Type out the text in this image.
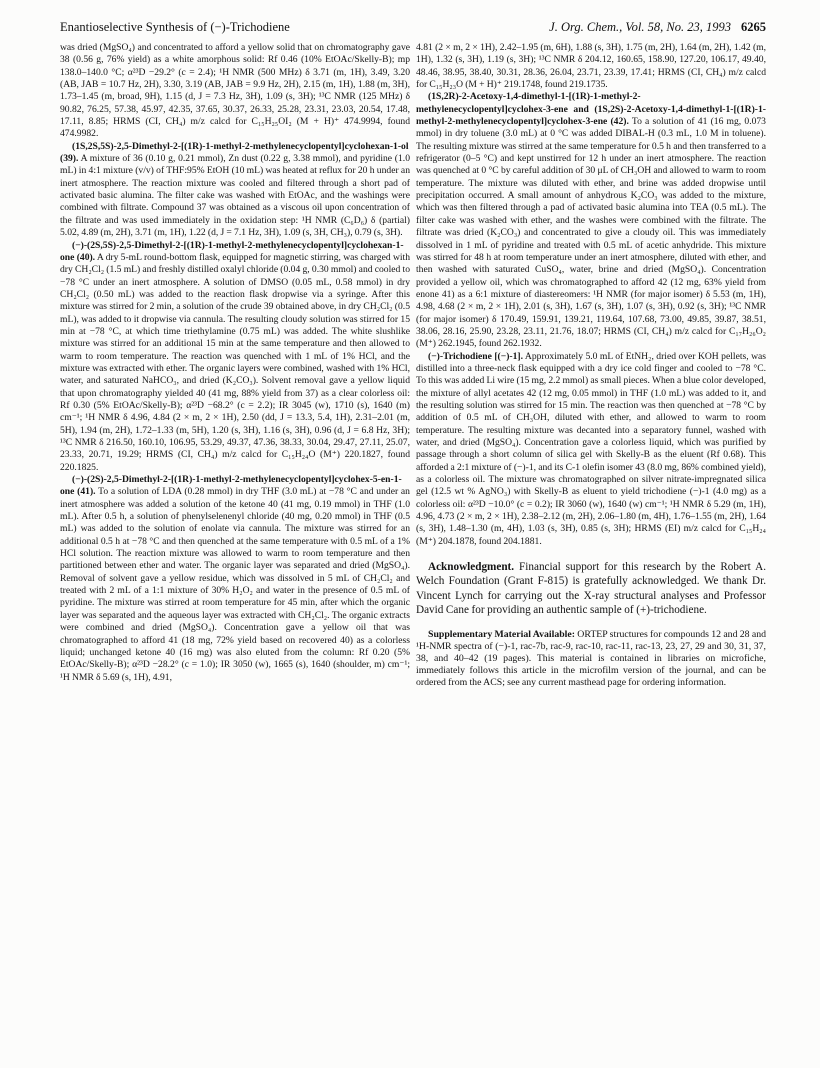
Enantioselective Synthesis of (−)-Trichodiene	J. Org. Chem., Vol. 58, No. 23, 1993 6265

was dried (MgSO₄) and concentrated to afford a yellow solid that on chromatography gave 38 (0.56 g, 76% yield) as a white amorphous solid: Rf 0.46 (10% EtOAc/Skelly-B); mp 138.0–140.0 °C; α²³D −29.2° (c = 2.4); ¹H NMR (500 MHz) δ 3.71 (m, 1H), 3.49, 3.20 (AB, JAB = 10.7 Hz, 2H), 3.30, 3.19 (AB, JAB = 9.9 Hz, 2H), 2.15 (m, 1H), 1.88 (m, 3H), 1.73–1.45 (m, broad, 9H), 1.15 (d, J = 7.3 Hz, 3H), 1.09 (s, 3H); ¹³C NMR (125 MHz) δ 90.82, 76.25, 57.38, 45.97, 42.35, 37.65, 30.37, 26.33, 25.28, 23.31, 23.03, 20.54, 17.48, 17.11, 8.85; HRMS (CI, CH₄) m/z calcd for C₁₅H₂₅OI₂ (M + H)⁺ 474.9994, found 474.9982.

(1S,2S,5S)-2,5-Dimethyl-2-[(1R)-1-methyl-2-methylenecyclopentyl]cyclohexan-1-ol (39). A mixture of 36 (0.10 g, 0.21 mmol), Zn dust (0.22 g, 3.38 mmol), and pyridine (1.0 mL) in 4:1 mixture (v/v) of THF:95% EtOH (10 mL) was heated at reflux for 20 h under an inert atmosphere. The reaction mixture was cooled and filtered through a short pad of activated basic alumina. The filter cake was washed with EtOAc, and the washings were combined with filtrate. Compound 37 was obtained as a viscous oil upon concentration of the filtrate and was used immediately in the oxidation step: ¹H NMR (C₆D₆) δ (partial) 5.02, 4.89 (m, 2H), 3.71 (m, 1H), 1.22 (d, J = 7.1 Hz, 3H), 1.09 (s, 3H, CH₃), 0.79 (s, 3H).

(−)-(2S,5S)-2,5-Dimethyl-2-[(1R)-1-methyl-2-methylenecyclopentyl]cyclohexan-1-one (40). A dry 5-mL round-bottom flask, equipped for magnetic stirring, was charged with dry CH₂Cl₂ (1.5 mL) and freshly distilled oxalyl chloride (0.04 g, 0.30 mmol) and cooled to −78 °C under an inert atmosphere. A solution of DMSO (0.05 mL, 0.58 mmol) in dry CH₂Cl₂ (0.50 mL) was added to the reaction flask dropwise via a syringe. After this mixture was stirred for 2 min, a solution of the crude 39 obtained above, in dry CH₂Cl₂ (0.5 mL), was added to it dropwise via cannula. The resulting cloudy solution was stirred for 15 min at −78 °C, at which time triethylamine (0.75 mL) was added. The white slushlike mixture was stirred for an additional 15 min at the same temperature and then allowed to warm to room temperature. The reaction was quenched with 1 mL of 1% HCl, and the mixture was extracted with ether. The organic layers were combined, washed with 1% HCl, water, and saturated NaHCO₃, and dried (K₂CO₃). Solvent removal gave a yellow liquid that upon chromatography yielded 40 (41 mg, 88% yield from 37) as a clear colorless oil: Rf 0.30 (5% EtOAc/Skelly-B); α²³D −68.2° (c = 2.2); IR 3045 (w), 1710 (s), 1640 (m) cm⁻¹; ¹H NMR δ 4.96, 4.84 (2 × m, 2 × 1H), 2.50 (dd, J = 13.3, 5.4, 1H), 2.31–2.01 (m, 5H), 1.94 (m, 2H), 1.72–1.33 (m, 5H), 1.20 (s, 3H), 1.16 (s, 3H), 0.96 (d, J = 6.8 Hz, 3H); ¹³C NMR δ 216.50, 160.10, 106.95, 53.29, 49.37, 47.36, 38.33, 30.04, 29.47, 27.11, 25.07, 23.33, 20.71, 19.29; HRMS (CI, CH₄) m/z calcd for C₁₅H₂₄O (M⁺) 220.1827, found 220.1825.

(−)-(2S)-2,5-Dimethyl-2-[(1R)-1-methyl-2-methylenecyclopentyl]cyclohex-5-en-1-one (41). To a solution of LDA (0.28 mmol) in dry THF (3.0 mL) at −78 °C and under an inert atmosphere was added a solution of the ketone 40 (41 mg, 0.19 mmol) in THF (1.0 mL). After 0.5 h, a solution of phenylselenenyl chloride (40 mg, 0.20 mmol) in THF (0.5 mL) was added to the solution of enolate via cannula. The mixture was stirred for an additional 0.5 h at −78 °C and then quenched at the same temperature with 0.5 mL of a 1% HCl solution. The reaction mixture was allowed to warm to room temperature and then partitioned between ether and water. The organic layer was separated and dried (MgSO₄). Removal of solvent gave a yellow residue, which was dissolved in 5 mL of CH₂Cl₂ and treated with 2 mL of a 1:1 mixture of 30% H₂O₂ and water in the presence of 0.5 mL of pyridine. The mixture was stirred at room temperature for 45 min, after which the organic layer was separated and the aqueous layer was extracted with CH₂Cl₂. The organic extracts were combined and dried (MgSO₄). Concentration gave a yellow oil that was chromatographed to afford 41 (18 mg, 72% yield based on recovered 40) as a colorless liquid; unchanged ketone 40 (16 mg) was also eluted from the column: Rf 0.20 (5% EtOAc/Skelly-B); α²³D −28.2° (c = 1.0); IR 3050 (w), 1665 (s), 1640 (shoulder, m) cm⁻¹; ¹H NMR δ 5.69 (s, 1H), 4.91,

4.81 (2 × m, 2 × 1H), 2.42–1.95 (m, 6H), 1.88 (s, 3H), 1.75 (m, 2H), 1.64 (m, 2H), 1.42 (m, 1H), 1.32 (s, 3H), 1.19 (s, 3H); ¹³C NMR δ 204.12, 160.65, 158.90, 127.20, 106.17, 49.40, 48.46, 38.95, 38.40, 30.31, 28.36, 26.04, 23.71, 23.39, 17.41; HRMS (CI, CH₄) m/z calcd for C₁₅H₂₃O (M + H)⁺ 219.1748, found 219.1735.

(1S,2R)-2-Acetoxy-1,4-dimethyl-1-[(1R)-1-methyl-2-methylenecyclopentyl]cyclohex-3-ene and (1S,2S)-2-Acetoxy-1,4-dimethyl-1-[(1R)-1-methyl-2-methylenecyclopentyl]cyclohex-3-ene (42). To a solution of 41 (16 mg, 0.073 mmol) in dry toluene (3.0 mL) at 0 °C was added DIBAL-H (0.3 mL, 1.0 M in toluene). The resulting mixture was stirred at the same temperature for 0.5 h and then transferred to a refrigerator (0–5 °C) and kept unstirred for 12 h under an inert atmosphere. The reaction was quenched at 0 °C by careful addition of 30 μL of CH₃OH and allowed to warm to room temperature. The mixture was diluted with ether, and brine was added dropwise until precipitation occurred. A small amount of anhydrous K₂CO₃ was added to the mixture, which was then filtered through a pad of activated basic alumina into TEA (0.5 mL). The filter cake was washed with ether, and the washes were combined with the filtrate. The filtrate was dried (K₂CO₃) and concentrated to give a cloudy oil. This was immediately dissolved in 1 mL of pyridine and treated with 0.5 mL of acetic anhydride. This mixture was stirred for 48 h at room temperature under an inert atmosphere, diluted with ether, and then washed with saturated CuSO₄, water, brine and dried (MgSO₄). Concentration provided a yellow oil, which was chromatographed to afford 42 (12 mg, 63% yield from enone 41) as a 6:1 mixture of diastereomers: ¹H NMR (for major isomer) δ 5.53 (m, 1H), 4.98, 4.68 (2 × m, 2 × 1H), 2.01 (s, 3H), 1.67 (s, 3H), 1.07 (s, 3H), 0.92 (s, 3H); ¹³C NMR (for major isomer) δ 170.49, 159.91, 139.21, 119.64, 107.68, 73.00, 49.85, 39.87, 38.51, 38.06, 28.16, 25.90, 23.28, 23.11, 21.76, 18.07; HRMS (CI, CH₄) m/z calcd for C₁₇H₂₆O₂ (M⁺) 262.1945, found 262.1932.

(−)-Trichodiene [(−)-1]. Approximately 5.0 mL of EtNH₂, dried over KOH pellets, was distilled into a three-neck flask equipped with a dry ice cold finger and cooled to −78 °C. To this was added Li wire (15 mg, 2.2 mmol) as small pieces. When a blue color developed, the mixture of allyl acetates 42 (12 mg, 0.05 mmol) in THF (1.0 mL) was added to it, and the resulting solution was stirred for 15 min. The reaction was then quenched at −78 °C by addition of 0.5 mL of CH₃OH, diluted with ether, and allowed to warm to room temperature. The resulting mixture was decanted into a separatory funnel, washed with water, and dried (MgSO₄). Concentration gave a colorless liquid, which was purified by passage through a short column of silica gel with Skelly-B as the eluent (Rf 0.68). This afforded a 2:1 mixture of (−)-1, and its C-1 olefin isomer 43 (8.0 mg, 86% combined yield), as a colorless oil. The mixture was chromatographed on silver nitrate-impregnated silica gel (12.5 wt % AgNO₃) with Skelly-B as eluent to yield trichodiene (−)-1 (4.0 mg) as a colorless oil: α²³D −10.0° (c = 0.2); IR 3060 (w), 1640 (w) cm⁻¹; ¹H NMR δ 5.29 (m, 1H), 4.96, 4.73 (2 × m, 2 × 1H), 2.38–2.12 (m, 2H), 2.06–1.80 (m, 4H), 1.76–1.55 (m, 2H), 1.64 (s, 3H), 1.48–1.30 (m, 4H), 1.03 (s, 3H), 0.85 (s, 3H); HRMS (EI) m/z calcd for C₁₅H₂₄ (M⁺) 204.1878, found 204.1881.

Acknowledgment. Financial support for this research by the Robert A. Welch Foundation (Grant F-815) is gratefully acknowledged. We thank Dr. Vincent Lynch for carrying out the X-ray structural analyses and Professor David Cane for providing an authentic sample of (+)-trichodiene.

Supplementary Material Available: ORTEP structures for compounds 12 and 28 and ¹H-NMR spectra of (−)-1, rac-7b, rac-9, rac-10, rac-11, rac-13, 23, 27, 29 and 30, 31, 37, 38, and 40–42 (19 pages). This material is contained in libraries on microfiche, immediately follows this article in the microfilm version of the journal, and can be ordered from the ACS; see any current masthead page for ordering information.
